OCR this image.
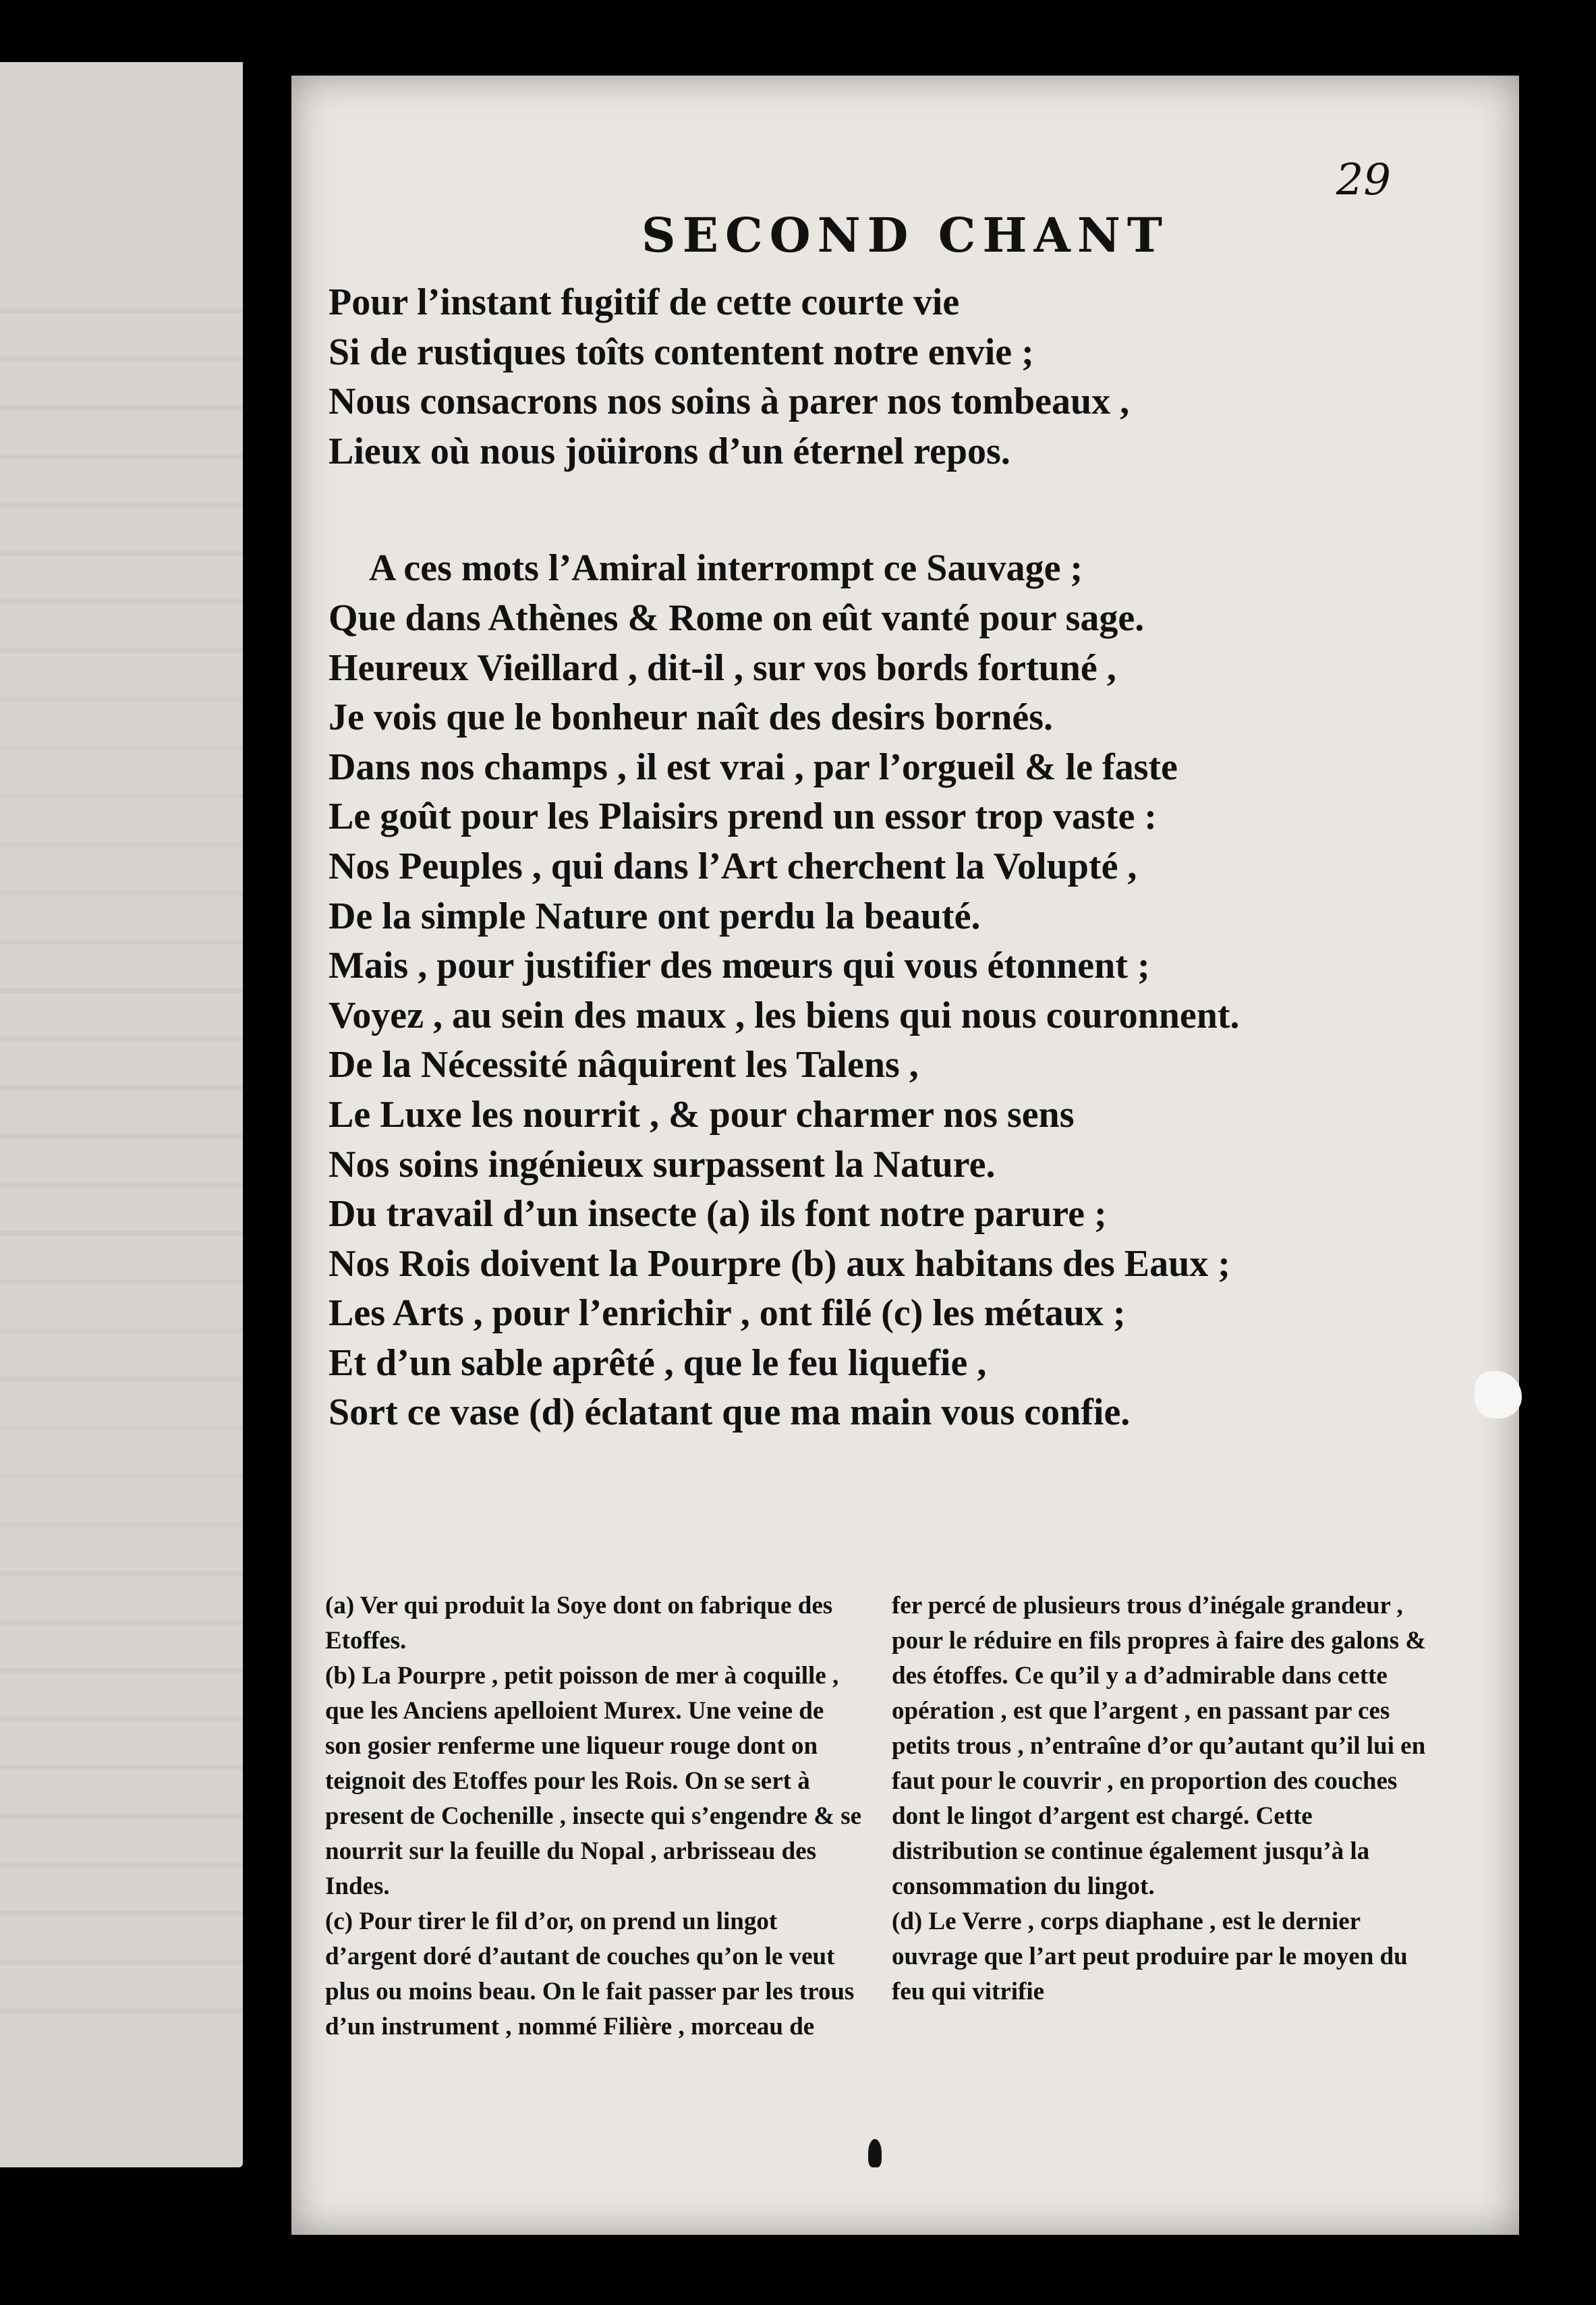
29
SECOND CHANT
Pour l’instant fugitif de cette courte vie
Si de rustiques toîts contentent notre envie ;
Nous consacrons nos soins à parer nos tombeaux ,
Lieux où nous joüirons d’un éternel repos.
A ces mots l’Amiral interrompt ce Sauvage ;
Que dans Athènes & Rome on eût vanté pour sage.
Heureux Vieillard , dit-il , sur vos bords fortuné ,
Je vois que le bonheur naît des desirs bornés.
Dans nos champs , il est vrai , par l’orgueil & le faste
Le goût pour les Plaisirs prend un essor trop vaste :
Nos Peuples , qui dans l’Art cherchent la Volupté ,
De la simple Nature ont perdu la beauté.
Mais , pour justifier des mœurs qui vous étonnent ;
Voyez , au sein des maux , les biens qui nous couronnent.
De la Nécessité nâquirent les Talens ,
Le Luxe les nourrit , & pour charmer nos sens
Nos soins ingénieux surpassent la Nature.
Du travail d’un insecte (a) ils font notre parure ;
Nos Rois doivent la Pourpre (b) aux habitans des Eaux ;
Les Arts , pour l’enrichir , ont filé (c) les métaux ;
Et d’un sable aprêté , que le feu liquefie ,
Sort ce vase (d) éclatant que ma main vous confie.

(a) Ver qui produit la Soye dont on fabrique des Etoffes.

(b) La Pourpre , petit poisson de mer à coquille , que les Anciens apelloient Murex. Une veine de son gosier renferme une liqueur rouge dont on teignoit des Etoffes pour les Rois. On se sert à present de Cochenille , insecte qui s’engendre & se nourrit sur la feuille du Nopal , arbrisseau des Indes.

(c) Pour tirer le fil d’or, on prend un lingot d’argent doré d’autant de couches qu’on le veut plus ou moins beau. On le fait passer par les trous d’un instrument , nommé Filière , morceau de

fer percé de plusieurs trous d’inégale grandeur , pour le réduire en fils propres à faire des galons & des étoffes. Ce qu’il y a d’admirable dans cette opération , est que l’argent , en passant par ces petits trous , n’entraîne d’or qu’autant qu’il lui en faut pour le couvrir , en proportion des couches dont le lingot d’argent est chargé. Cette distribution se continue également jusqu’à la consommation du lingot.

(d) Le Verre , corps diaphane , est le dernier ouvrage que l’art peut produire par le moyen du feu qui vitrifie
